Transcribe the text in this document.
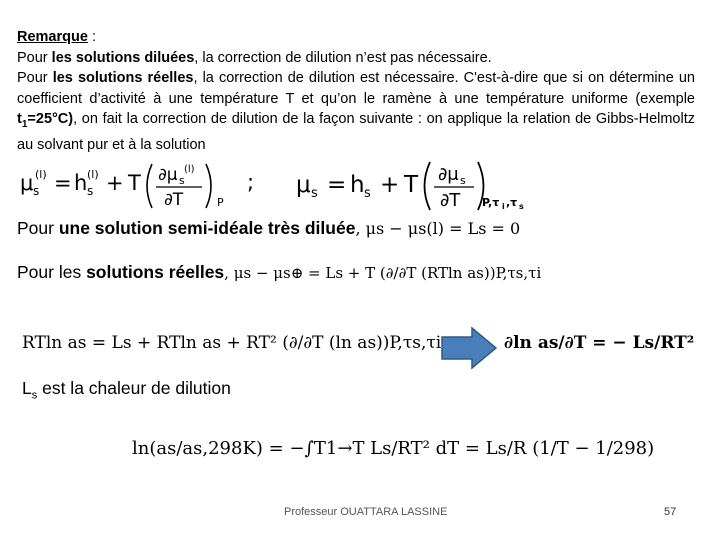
Remarque :
Pour les solutions diluées, la correction de dilution n’est pas nécessaire.
Pour les solutions réelles, la correction de dilution est nécessaire. C'est-à-dire que si on détermine un coefficient d’activité à une température T et qu’on le ramène à une température uniforme (exemple $t_1=25^\circ C$), on fait la correction de dilution de la façon suivante : on applique la relation de Gibbs-Helmoltz au solvant pur et à la solution
μ s
(l) = h s
(l) + T ∂μ s
(l)
∂T	P
; μ s = h s + T ∂μ s
∂T P,τ i ,τ s
Pour une solution semi-idéale très diluée, μs − μs(l) = Ls = 0
Pour les solutions réelles, μs − μs⊕ = Ls + T (∂/∂T (RTln as))P,τs,τi
RTln as = Ls + RTln as + RT² (∂/∂T (ln as))P,τs,τi	∂ln as/∂T = − Ls/RT²
$L_s$ est la chaleur de dilution
ln(as/as,298K) = −∫T1→T Ls/RT² dT = Ls/R (1/T − 1/298)
Professeur OUATTARA LASSINE	57
